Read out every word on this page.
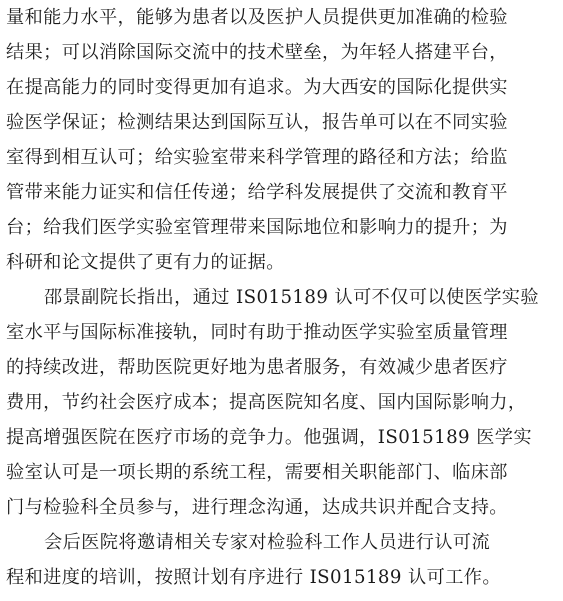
量和能力水平，能够为患者以及医护人员提供更加准确的检验
结果；可以消除国际交流中的技术壁垒，为年轻人搭建平台，
在提高能力的同时变得更加有追求。为大西安的国际化提供实
验医学保证；检测结果达到国际互认，报告单可以在不同实验
室得到相互认可；给实验室带来科学管理的路径和方法；给监
管带来能力证实和信任传递；给学科发展提供了交流和教育平
台；给我们医学实验室管理带来国际地位和影响力的提升；为
科研和论文提供了更有力的证据。
邵景副院长指出，通过 IS015189 认可不仅可以使医学实验
室水平与国际标准接轨，同时有助于推动医学实验室质量管理
的持续改进，帮助医院更好地为患者服务，有效减少患者医疗
费用，节约社会医疗成本；提高医院知名度、国内国际影响力，
提高增强医院在医疗市场的竞争力。他强调，IS015189 医学实
验室认可是一项长期的系统工程，需要相关职能部门、临床部
门与检验科全员参与，进行理念沟通，达成共识并配合支持。
会后医院将邀请相关专家对检验科工作人员进行认可流
程和进度的培训，按照计划有序进行 IS015189 认可工作。
